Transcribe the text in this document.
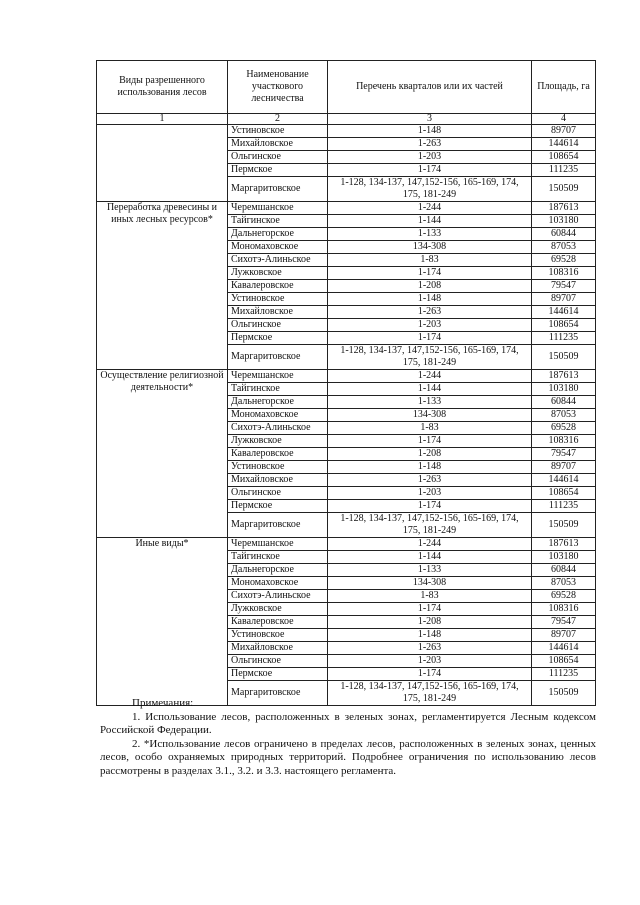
Виды разрешенного использования лесов	Наименование участкового лесничества	Перечень кварталов или их частей	Площадь, га
1	2	3	4
	Устиновское	1-148	89707
	Михайловское	1-263	144614
	Ольгинское	1-203	108654
	Пермское	1-174	111235
	Маргаритовское	1-128, 134-137, 147,152-156, 165-169, 174, 175, 181-249	150509
Переработка древесины и иных лесных ресурсов*	Черемшанское	1-244	187613
	Тайгинское	1-144	103180
	Дальнегорское	1-133	60844
	Мономаховское	134-308	87053
	Сихотэ-Алиньское	1-83	69528
	Лужковское	1-174	108316
	Кавалеровское	1-208	79547
	Устиновское	1-148	89707
	Михайловское	1-263	144614
	Ольгинское	1-203	108654
	Пермское	1-174	111235
	Маргаритовское	1-128, 134-137, 147,152-156, 165-169, 174, 175, 181-249	150509
Осуществление религиозной деятельности*	Черемшанское	1-244	187613
	Тайгинское	1-144	103180
	Дальнегорское	1-133	60844
	Мономаховское	134-308	87053
	Сихотэ-Алиньское	1-83	69528
	Лужковское	1-174	108316
	Кавалеровское	1-208	79547
	Устиновское	1-148	89707
	Михайловское	1-263	144614
	Ольгинское	1-203	108654
	Пермское	1-174	111235
	Маргаритовское	1-128, 134-137, 147,152-156, 165-169, 174, 175, 181-249	150509
Иные виды*	Черемшанское	1-244	187613
	Тайгинское	1-144	103180
	Дальнегорское	1-133	60844
	Мономаховское	134-308	87053
	Сихотэ-Алиньское	1-83	69528
	Лужковское	1-174	108316
	Кавалеровское	1-208	79547
	Устиновское	1-148	89707
	Михайловское	1-263	144614
	Ольгинское	1-203	108654
	Пермское	1-174	111235
	Маргаритовское	1-128, 134-137, 147,152-156, 165-169, 174, 175, 181-249	150509

Примечания:

1. Использование лесов, расположенных в зеленых зонах, регламентируется Лесным кодексом Российской Федерации.

2. *Использование лесов ограничено в пределах лесов, расположенных в зеленых зонах, ценных лесов, особо охраняемых природных территорий. Подробнее ограничения по использованию лесов рассмотрены в разделах 3.1., 3.2. и 3.3. настоящего регламента.
